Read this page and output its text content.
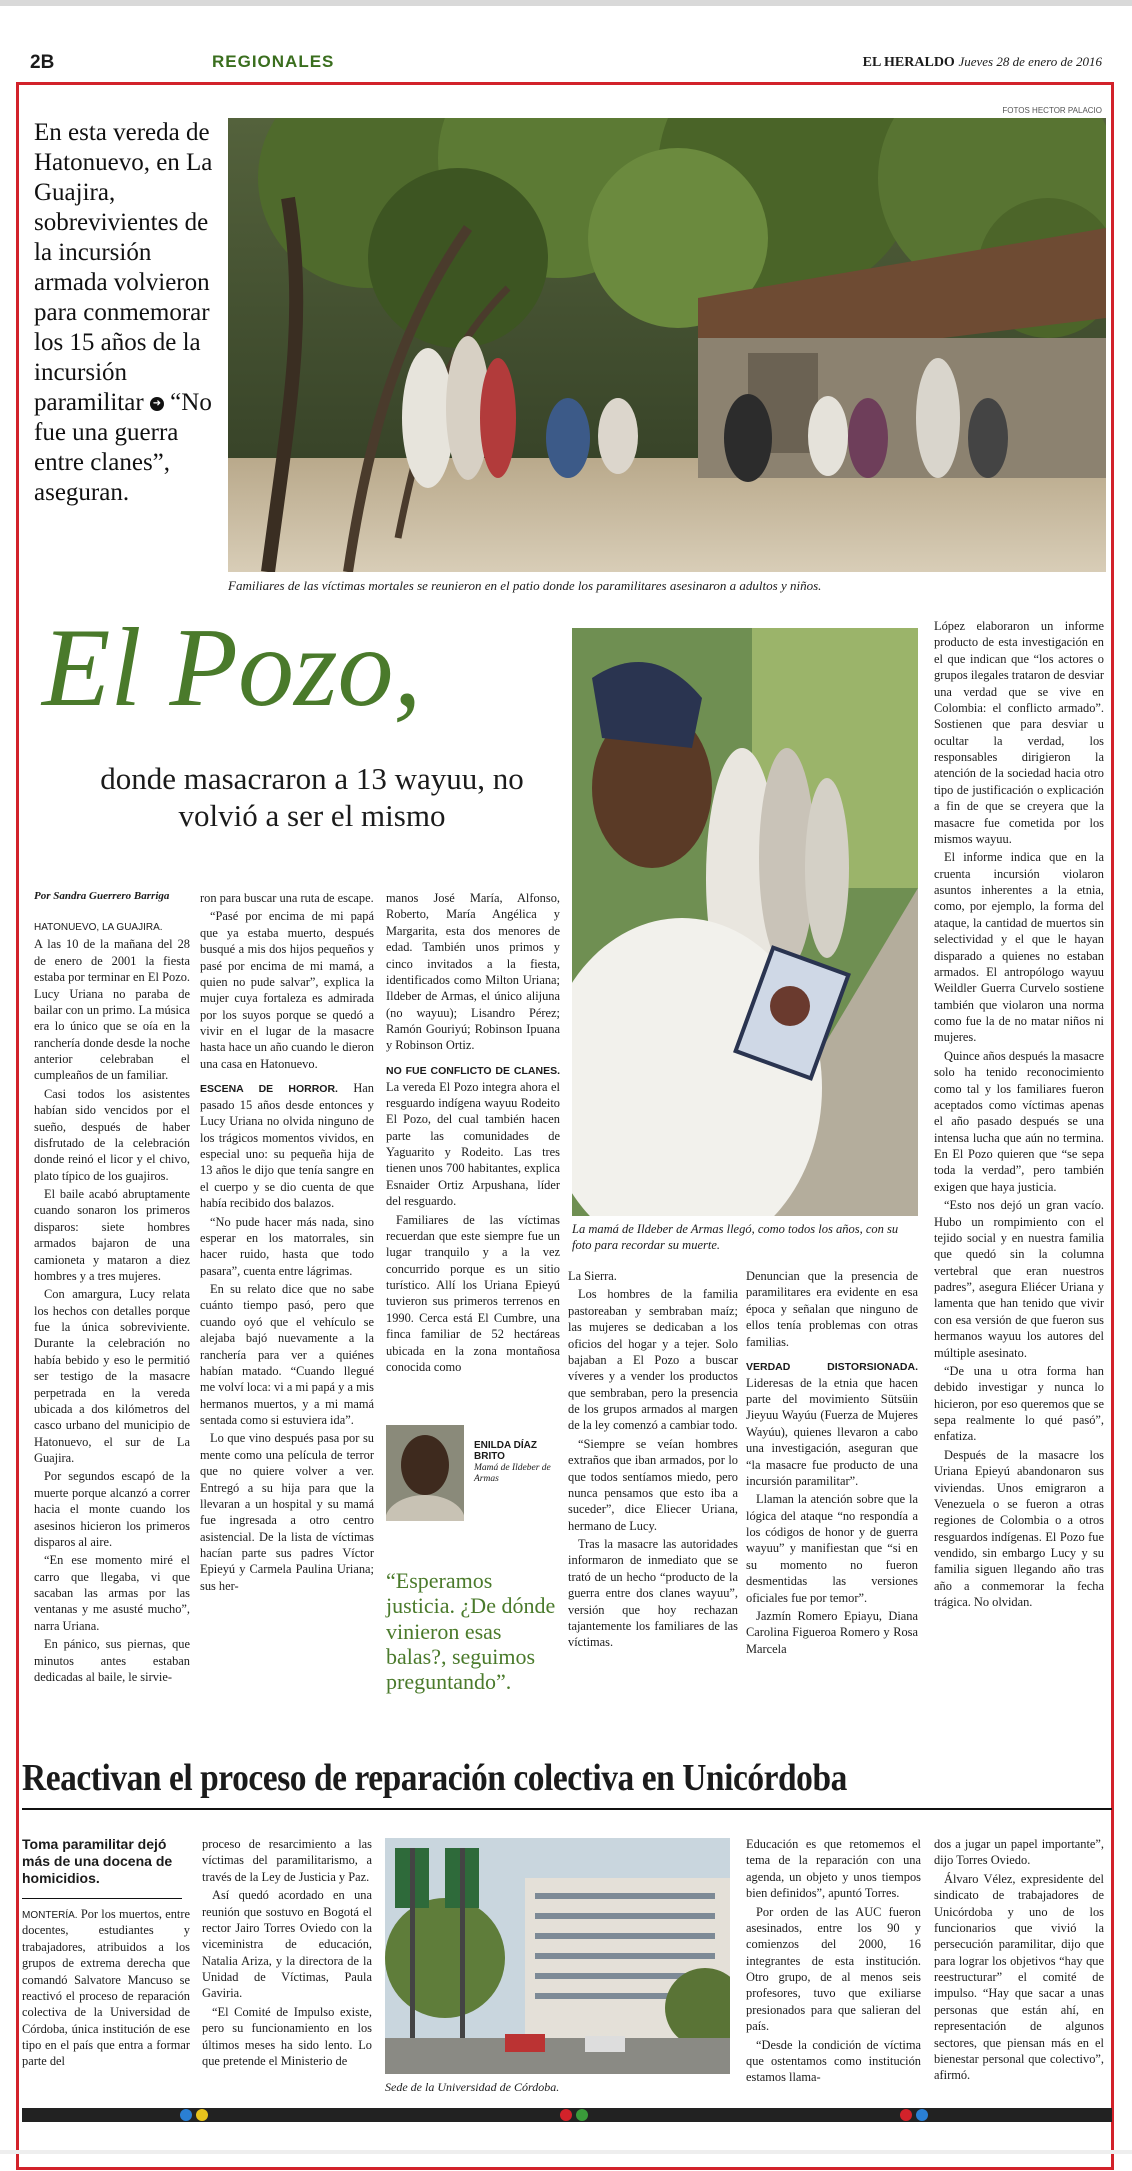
2B	REGIONALES	EL HERALDO Jueves 28 de enero de 2016
FOTOS HECTOR PALACIO
En esta vereda de Hatonuevo, en La Guajira, sobrevivientes de la incursión armada volvieron para conmemorar los 15 años de la incursión paramilitar ➜ “No fue una guerra entre clanes”, aseguran.
Familiares de las víctimas mortales se reunieron en el patio donde los paramilitares asesinaron a adultos y niños.
El Pozo,
donde masacraron a 13 wayuu, no volvió a ser el mismo
La mamá de Ildeber de Armas llegó, como todos los años, con su foto para recordar su muerte.
Por Sandra Guerrero Barriga

HATONUEVO, LA GUAJIRA.

A las 10 de la mañana del 28 de enero de 2001 la fiesta estaba por terminar en El Pozo. Lucy Uriana no paraba de bailar con un primo. La música era lo único que se oía en la ranchería donde desde la noche anterior celebraban el cumpleaños de un familiar.

Casi todos los asistentes habían sido vencidos por el sueño, después de haber disfrutado de la celebración donde reinó el licor y el chivo, plato típico de los guajiros.

El baile acabó abruptamente cuando sonaron los primeros disparos: siete hombres armados bajaron de una camioneta y mataron a diez hombres y a tres mujeres.

Con amargura, Lucy relata los hechos con detalles porque fue la única sobreviviente. Durante la celebración no había bebido y eso le permitió ser testigo de la masacre perpetrada en la vereda ubicada a dos kilómetros del casco urbano del municipio de Hatonuevo, el sur de La Guajira.

Por segundos escapó de la muerte porque alcanzó a correr hacia el monte cuando los asesinos hicieron los primeros disparos al aire.

“En ese momento miré el carro que llegaba, vi que sacaban las armas por las ventanas y me asusté mucho”, narra Uriana.

En pánico, sus piernas, que minutos antes estaban dedicadas al baile, le sirvie-

ron para buscar una ruta de escape.

“Pasé por encima de mi papá que ya estaba muerto, después busqué a mis dos hijos pequeños y pasé por encima de mi mamá, a quien no pude salvar”, explica la mujer cuya fortaleza es admirada por los suyos porque se quedó a vivir en el lugar de la masacre hasta hace un año cuando le dieron una casa en Hatonuevo.

ESCENA DE HORROR. Han pasado 15 años desde entonces y Lucy Uriana no olvida ninguno de los trágicos momentos vividos, en especial uno: su pequeña hija de 13 años le dijo que tenía sangre en el cuerpo y se dio cuenta de que había recibido dos balazos.

“No pude hacer más nada, sino esperar en los matorrales, sin hacer ruido, hasta que todo pasara”, cuenta entre lágrimas.

En su relato dice que no sabe cuánto tiempo pasó, pero que cuando oyó que el vehículo se alejaba bajó nuevamente a la ranchería para ver a quiénes habían matado. “Cuando llegué me volví loca: vi a mi papá y a mis hermanos muertos, y a mi mamá sentada como si estuviera ida”.

Lo que vino después pasa por su mente como una película de terror que no quiere volver a ver. Entregó a su hija para que la llevaran a un hospital y su mamá fue ingresada a otro centro asistencial. De la lista de víctimas hacían parte sus padres Víctor Epieyú y Carmela Paulina Uriana; sus her-

manos José María, Alfonso, Roberto, María Angélica y Margarita, esta dos menores de edad. También unos primos y cinco invitados a la fiesta, identificados como Milton Uriana; Ildeber de Armas, el único alijuna (no wayuu); Lisandro Pérez; Ramón Gouriyú; Robinson Ipuana y Robinson Ortiz.

NO FUE CONFLICTO DE CLANES. La vereda El Pozo integra ahora el resguardo indígena wayuu Rodeito El Pozo, del cual también hacen parte las comunidades de Yaguarito y Rodeito. Las tres tienen unos 700 habitantes, explica Esnaider Ortiz Arpushana, líder del resguardo.

Familiares de las víctimas recuerdan que este siempre fue un lugar tranquilo y a la vez concurrido porque es un sitio turístico. Allí los Uriana Epieyú tuvieron sus primeros terrenos en 1990. Cerca está El Cumbre, una finca familiar de 52 hectáreas ubicada en la zona montañosa conocida como

ENILDA DÍAZ BRITO
Mamá de Ildeber de Armas
“Esperamos justicia. ¿De dónde vinieron esas balas?, seguimos preguntando”.

La Sierra.

Los hombres de la familia pastoreaban y sembraban maíz; las mujeres se dedicaban a los oficios del hogar y a tejer. Solo bajaban a El Pozo a buscar víveres y a vender los productos que sembraban, pero la presencia de los grupos armados al margen de la ley comenzó a cambiar todo.

“Siempre se veían hombres extraños que iban armados, por lo que todos sentíamos miedo, pero nunca pensamos que esto iba a suceder”, dice Eliecer Uriana, hermano de Lucy.

Tras la masacre las autoridades informaron de inmediato que se trató de un hecho “producto de la guerra entre dos clanes wayuu”, versión que hoy rechazan tajantemente los familiares de las víctimas.

Denuncian que la presencia de paramilitares era evidente en esa época y señalan que ninguno de ellos tenía problemas con otras familias.

VERDAD DISTORSIONADA. Lideresas de la etnia que hacen parte del movimiento Sütsüin Jieyuu Wayúu (Fuerza de Mujeres Wayúu), quienes llevaron a cabo una investigación, aseguran que “la masacre fue producto de una incursión paramilitar”.

Llaman la atención sobre que la lógica del ataque “no respondía a los códigos de honor y de guerra wayuu” y manifiestan que “si en su momento no fueron desmentidas las versiones oficiales fue por temor”.

Jazmín Romero Epiayu, Diana Carolina Figueroa Romero y Rosa Marcela

López elaboraron un informe producto de esta investigación en el que indican que “los actores o grupos ilegales trataron de desviar una verdad que se vive en Colombia: el conflicto armado”. Sostienen que para desviar u ocultar la verdad, los responsables dirigieron la atención de la sociedad hacia otro tipo de justificación o explicación a fin de que se creyera que la masacre fue cometida por los mismos wayuu.

El informe indica que en la cruenta incursión violaron asuntos inherentes a la etnia, como, por ejemplo, la forma del ataque, la cantidad de muertos sin selectividad y el que le hayan disparado a quienes no estaban armados. El antropólogo wayuu Weildler Guerra Curvelo sostiene también que violaron una norma como fue la de no matar niños ni mujeres.

Quince años después la masacre solo ha tenido reconocimiento como tal y los familiares fueron aceptados como víctimas apenas el año pasado después se una intensa lucha que aún no termina. En El Pozo quieren que “se sepa toda la verdad”, pero también exigen que haya justicia.

“Esto nos dejó un gran vacío. Hubo un rompimiento con el tejido social y en nuestra familia que quedó sin la columna vertebral que eran nuestros padres”, asegura Eliécer Uriana y lamenta que han tenido que vivir con esa versión de que fueron sus hermanos wayuu los autores del múltiple asesinato.

“De una u otra forma han debido investigar y nunca lo hicieron, por eso queremos que se sepa realmente lo qué pasó”, enfatiza.

Después de la masacre los Uriana Epieyú abandonaron sus viviendas. Unos emigraron a Venezuela o se fueron a otras regiones de Colombia o a otros resguardos indígenas. El Pozo fue vendido, sin embargo Lucy y su familia siguen llegando año tras año a conmemorar la fecha trágica. No olvidan.

Reactivan el proceso de reparación colectiva en Unicórdoba
Toma paramilitar dejó más de una docena de homicidios.

MONTERÍA. Por los muertos, entre docentes, estudiantes y trabajadores, atribuidos a los grupos de extrema derecha que comandó Salvatore Mancuso se reactivó el proceso de reparación colectiva de la Universidad de Córdoba, única institución de ese tipo en el país que entra a formar parte del

proceso de resarcimiento a las víctimas del paramilitarismo, a través de la Ley de Justicia y Paz.

Así quedó acordado en una reunión que sostuvo en Bogotá el rector Jairo Torres Oviedo con la viceministra de educación, Natalia Ariza, y la directora de la Unidad de Víctimas, Paula Gaviria.

“El Comité de Impulso existe, pero su funcionamiento en los últimos meses ha sido lento. Lo que pretende el Ministerio de

Sede de la Universidad de Córdoba.

Educación es que retomemos el tema de la reparación con una agenda, un objeto y unos tiempos bien definidos”, apuntó Torres.

Por orden de las AUC fueron asesinados, entre los 90 y comienzos del 2000, 16 integrantes de esta institución. Otro grupo, de al menos seis profesores, tuvo que exiliarse presionados para que salieran del país.

“Desde la condición de víctima que ostentamos como institución estamos llama-

dos a jugar un papel importante”, dijo Torres Oviedo.

Álvaro Vélez, expresidente del sindicato de trabajadores de Unicórdoba y uno de los funcionarios que vivió la persecución paramilitar, dijo que para lograr los objetivos “hay que reestructurar” el comité de impulso. “Hay que sacar a unas personas que están ahí, en representación de algunos sectores, que piensan más en el bienestar personal que colectivo”, afirmó.
